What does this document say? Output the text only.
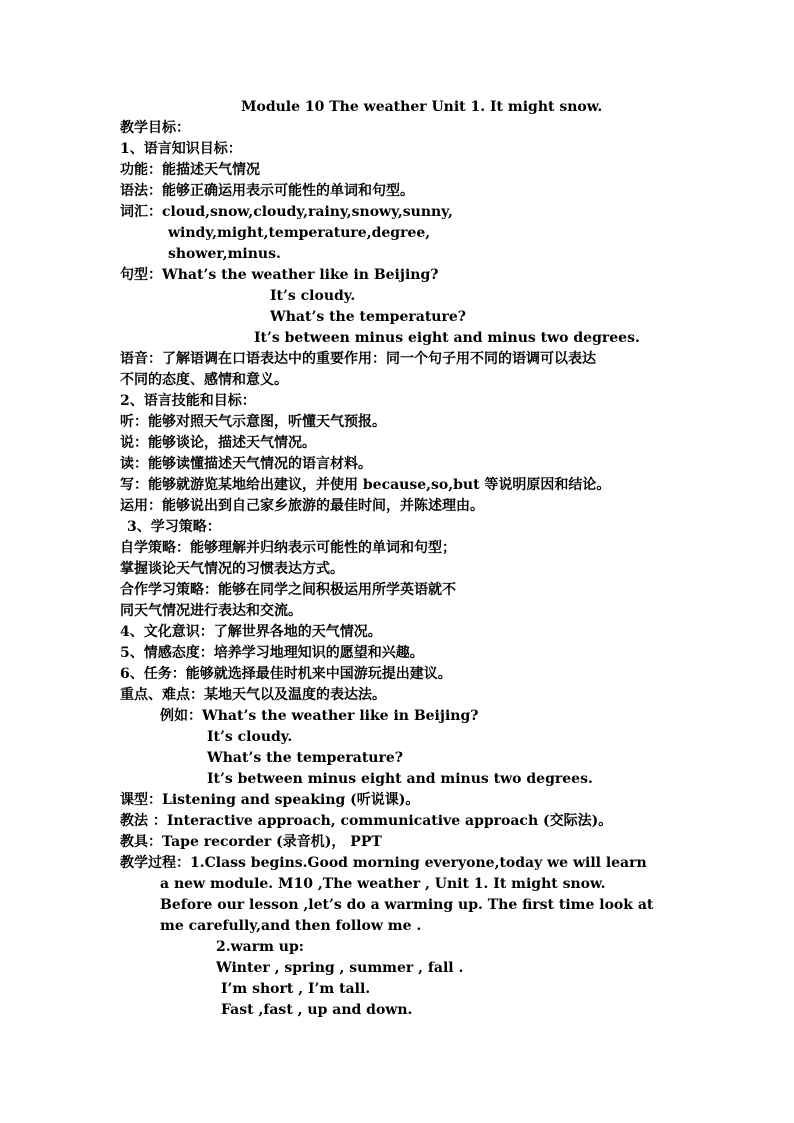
Module 10 The weather Unit 1. It might snow.
教学目标：
1、语言知识目标：
功能：能描述天气情况
语法：能够正确运用表示可能性的单词和句型。
词汇：cloud,snow,cloudy,rainy,snowy,sunny,
windy,might,temperature,degree,
shower,minus.
句型：What’s the weather like in Beijing?
It’s cloudy.
What’s the temperature?
It’s between minus eight and minus two degrees.
语音：了解语调在口语表达中的重要作用：同一个句子用不同的语调可以表达
不同的态度、感情和意义。
2、语言技能和目标：
听：能够对照天气示意图，听懂天气预报。
说：能够谈论，描述天气情况。
读：能够读懂描述天气情况的语言材料。
写：能够就游览某地给出建议，并使用 because,so,but 等说明原因和结论。
运用：能够说出到自己家乡旅游的最佳时间，并陈述理由。
3、学习策略：
自学策略：能够理解并归纳表示可能性的单词和句型；
掌握谈论天气情况的习惯表达方式。
合作学习策略：能够在同学之间积极运用所学英语就不
同天气情况进行表达和交流。
4、文化意识：了解世界各地的天气情况。
5、情感态度：培养学习地理知识的愿望和兴趣。
6、任务：能够就选择最佳时机来中国游玩提出建议。
重点、难点：某地天气以及温度的表达法。
例如：What’s the weather like in Beijing?
It’s cloudy.
What’s the temperature?
It’s between minus eight and minus two degrees.
课型：Listening and speaking (听说课)。
教法 ：Interactive approach, communicative approach (交际法)。
教具：Tape recorder (录音机)， PPT
教学过程：1.Class begins.Good morning everyone,today we will learn
a new module. M10 ,The weather , Unit 1. It might snow.
Before our lesson ,let’s do a warming up. The first time look at
me carefully,and then follow me .
2.warm up:
Winter , spring , summer , fall .
I’m short , I’m tall.
Fast ,fast , up and down.
